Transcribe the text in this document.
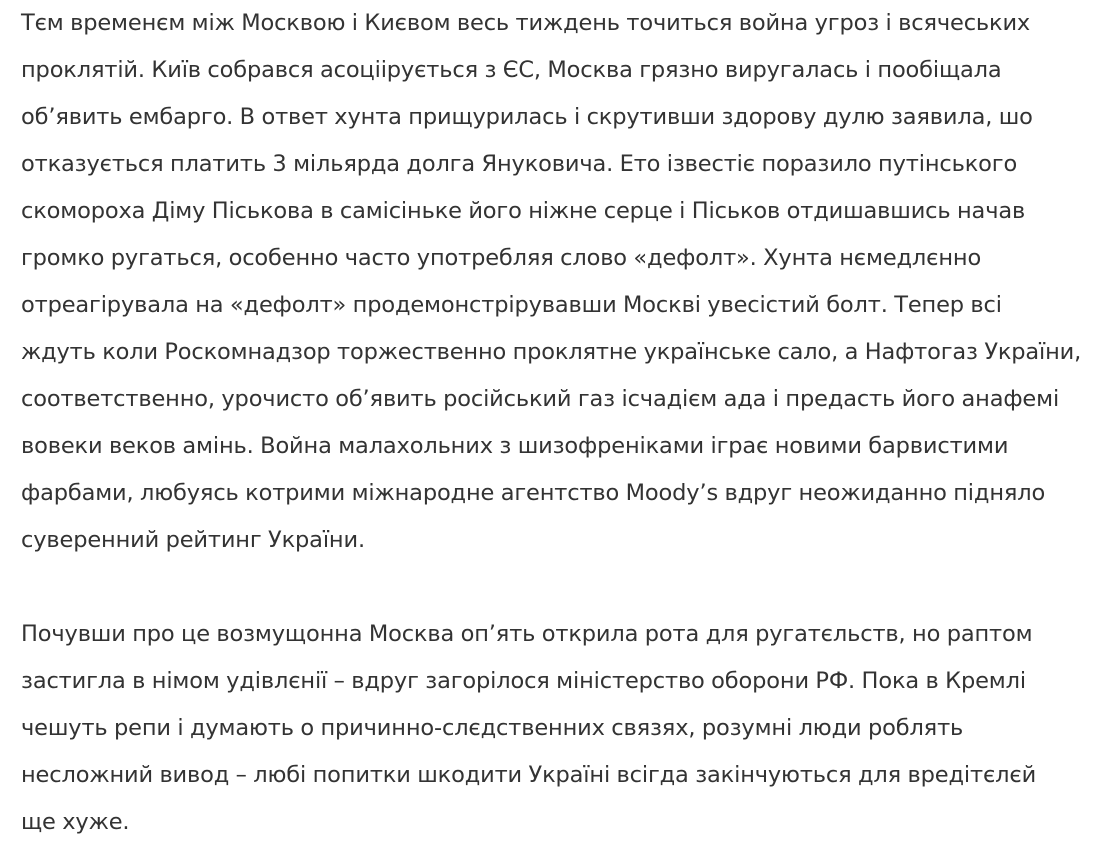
Тєм временєм між Москвою і Києвом весь тиждень точиться война угроз і всячеських
проклятій. Київ собрався асоціірується з ЄС, Москва грязно виругалась і пообіщала
об’явить ембарго. В ответ хунта прищурилась і скрутивши здорову дулю заявила, шо
отказується платить 3 мільярда долга Януковича. Ето ізвестіє поразило путінського
скомороха Діму Піськова в самісіньке його ніжне серце і Піськов отдишавшись начав
громко ругаться, особенно часто употребляя слово «дефолт». Хунта нємедлєнно
отреагірувала на «дефолт» продемонстрірувавши Москві увесістий болт. Тепер всі
ждуть коли Роскомнадзор торжественно проклятне українське сало, а Нафтогаз України,
соответственно, урочисто об’явить російський газ ісчадієм ада і предасть його анафемі
вовеки веков амінь. Война малахольних з шизофреніками іграє новими барвистими
фарбами, любуясь котрими міжнародне агентство Moody’s вдруг неожиданно підняло
суверенний рейтинг України.

Почувши про це возмущонна Москва оп’ять открила рота для ругатєльств, но раптом
застигла в німом удівлєнії – вдруг загорілося міністерство оборони РФ. Пока в Кремлі
чешуть репи і думають о причинно-слєдственних связях, розумні люди роблять
несложний вивод – любі попитки шкодити Україні всігда закінчуються для вредітєлєй
ще хуже.
